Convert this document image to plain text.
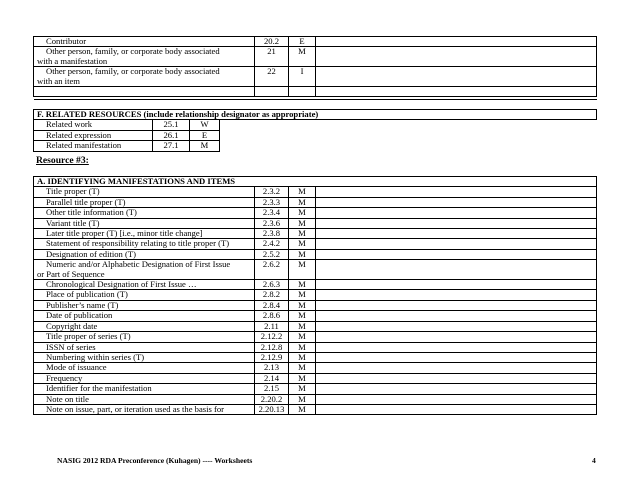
Contributor	20.2	E	
Other person, family, or corporate body associated
with a manifestation	21	M	
Other person, family, or corporate body associated
with an item	22	I	

F. RELATED RESOURCES (include relationship designator as appropriate)			
Related work	25.1	W	
Related expression	26.1	E	
Related manifestation	27.1	M	
Resource #3:
A. IDENTIFYING MANIFESTATIONS AND ITEMS			
Title proper (T)	2.3.2	M	
Parallel title proper (T)	2.3.3	M	
Other title information (T)	2.3.4	M	
Variant title (T)	2.3.6	M	
Later title proper (T) [i.e., minor title change]	2.3.8	M	
Statement of responsibility relating to title proper (T)	2.4.2	M	
Designation of edition (T)	2.5.2	M	
Numeric and/or Alphabetic Designation of First Issue
or Part of Sequence	2.6.2	M	
Chronological Designation of First Issue …	2.6.3	M	
Place of publication (T)	2.8.2	M	
Publisher’s name (T)	2.8.4	M	
Date of publication	2.8.6	M	
Copyright date	2.11	M	
Title proper of series (T)	2.12.2	M	
ISSN of series	2.12.8	M	
Numbering within series (T)	2.12.9	M	
Mode of issuance	2.13	M	
Frequency	2.14	M	
Identifier for the manifestation	2.15	M	
Note on title	2.20.2	M	
Note on issue, part, or iteration used as the basis for	2.20.13	M	
NASIG 2012 RDA Preconference (Kuhagen) ---- Worksheets	4
